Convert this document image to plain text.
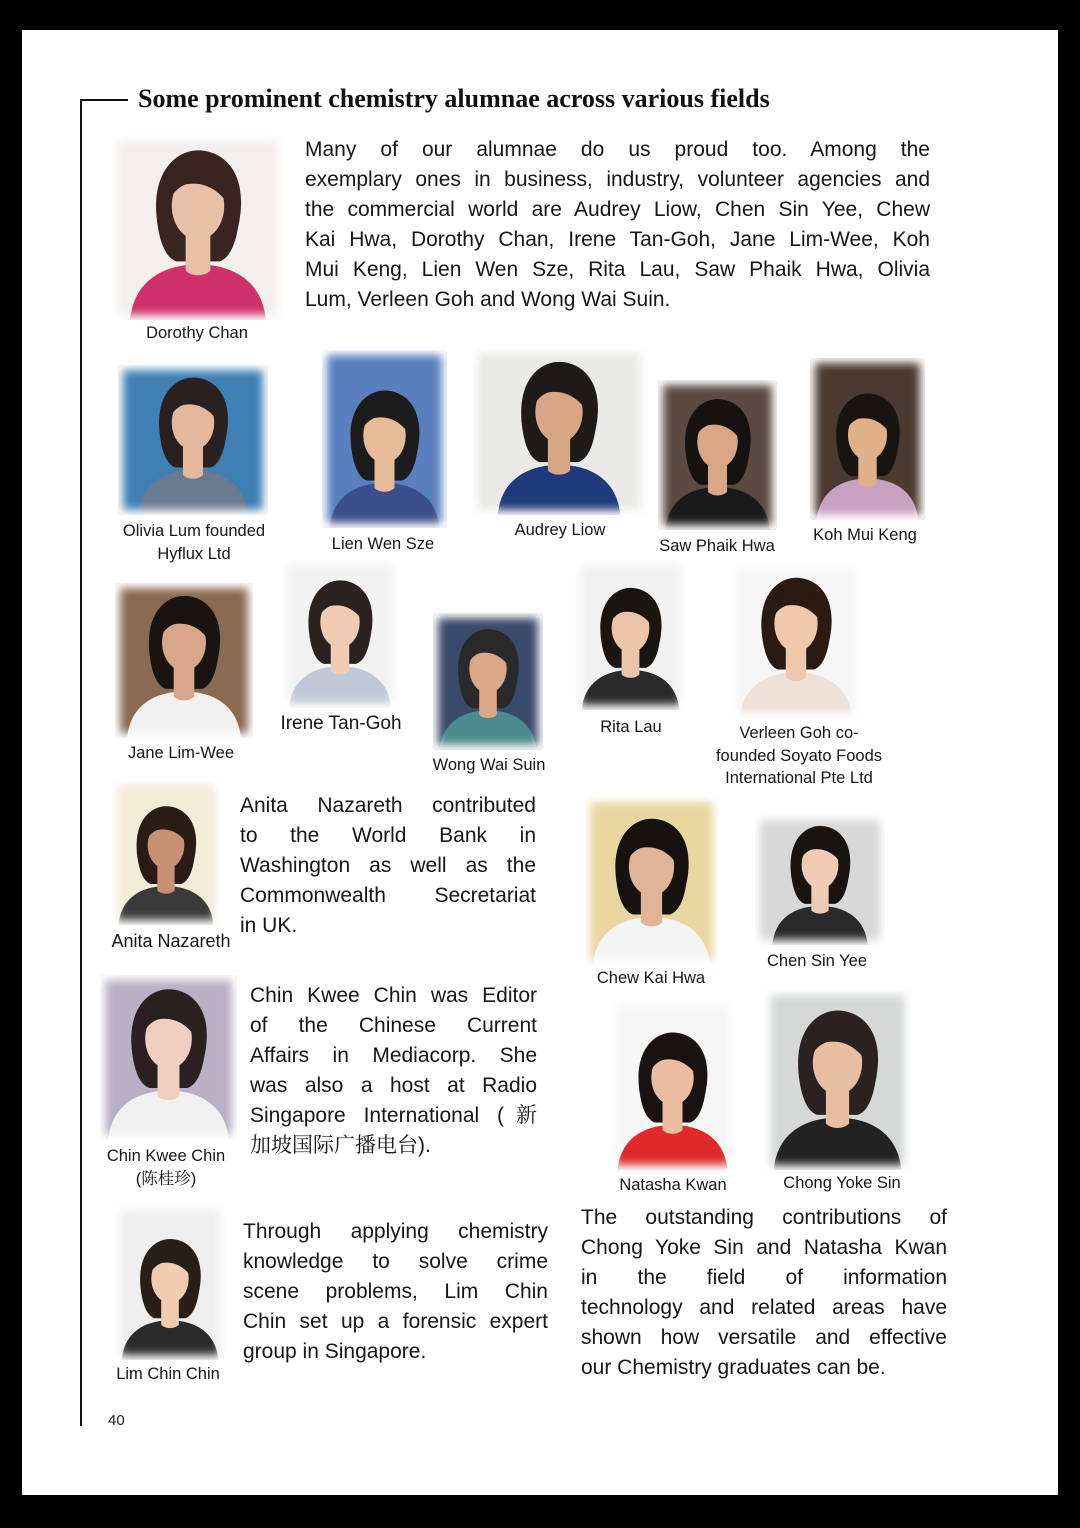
Some prominent chemistry alumnae across various fields
Dorothy Chan
Many of our alumnae do us proud too. Among the
exemplary ones in business, industry, volunteer agencies and
the commercial world are Audrey Liow, Chen Sin Yee, Chew
Kai Hwa, Dorothy Chan, Irene Tan-Goh, Jane Lim-Wee, Koh
Mui Keng, Lien Wen Sze, Rita Lau, Saw Phaik Hwa, Olivia
Lum, Verleen Goh and Wong Wai Suin.
Olivia Lum founded
Hyflux Ltd
Lien Wen Sze
Audrey Liow
Saw Phaik Hwa
Koh Mui Keng
Jane Lim-Wee
Irene Tan-Goh
Wong Wai Suin
Rita Lau	Verleen Goh co-
founded Soyato Foods
International Pte Ltd
Anita Nazareth
Anita Nazareth contributed
to the World Bank in
Washington as well as the
Commonwealth Secretariat
in UK.
Chew Kai Hwa
Chen Sin Yee
Chin Kwee Chin
(陈桂珍)
Chin Kwee Chin was Editor
of the Chinese Current
Affairs in Mediacorp. She
was also a host at Radio
Singapore International (新
加坡国际广播电台).
Natasha Kwan	Chong Yoke Sin
Lim Chin Chin
Through applying chemistry
knowledge to solve crime
scene problems, Lim Chin
Chin set up a forensic expert
group in Singapore.
The outstanding contributions of
Chong Yoke Sin and Natasha Kwan
in the field of information
technology and related areas have
shown how versatile and effective
our Chemistry graduates can be.
40
